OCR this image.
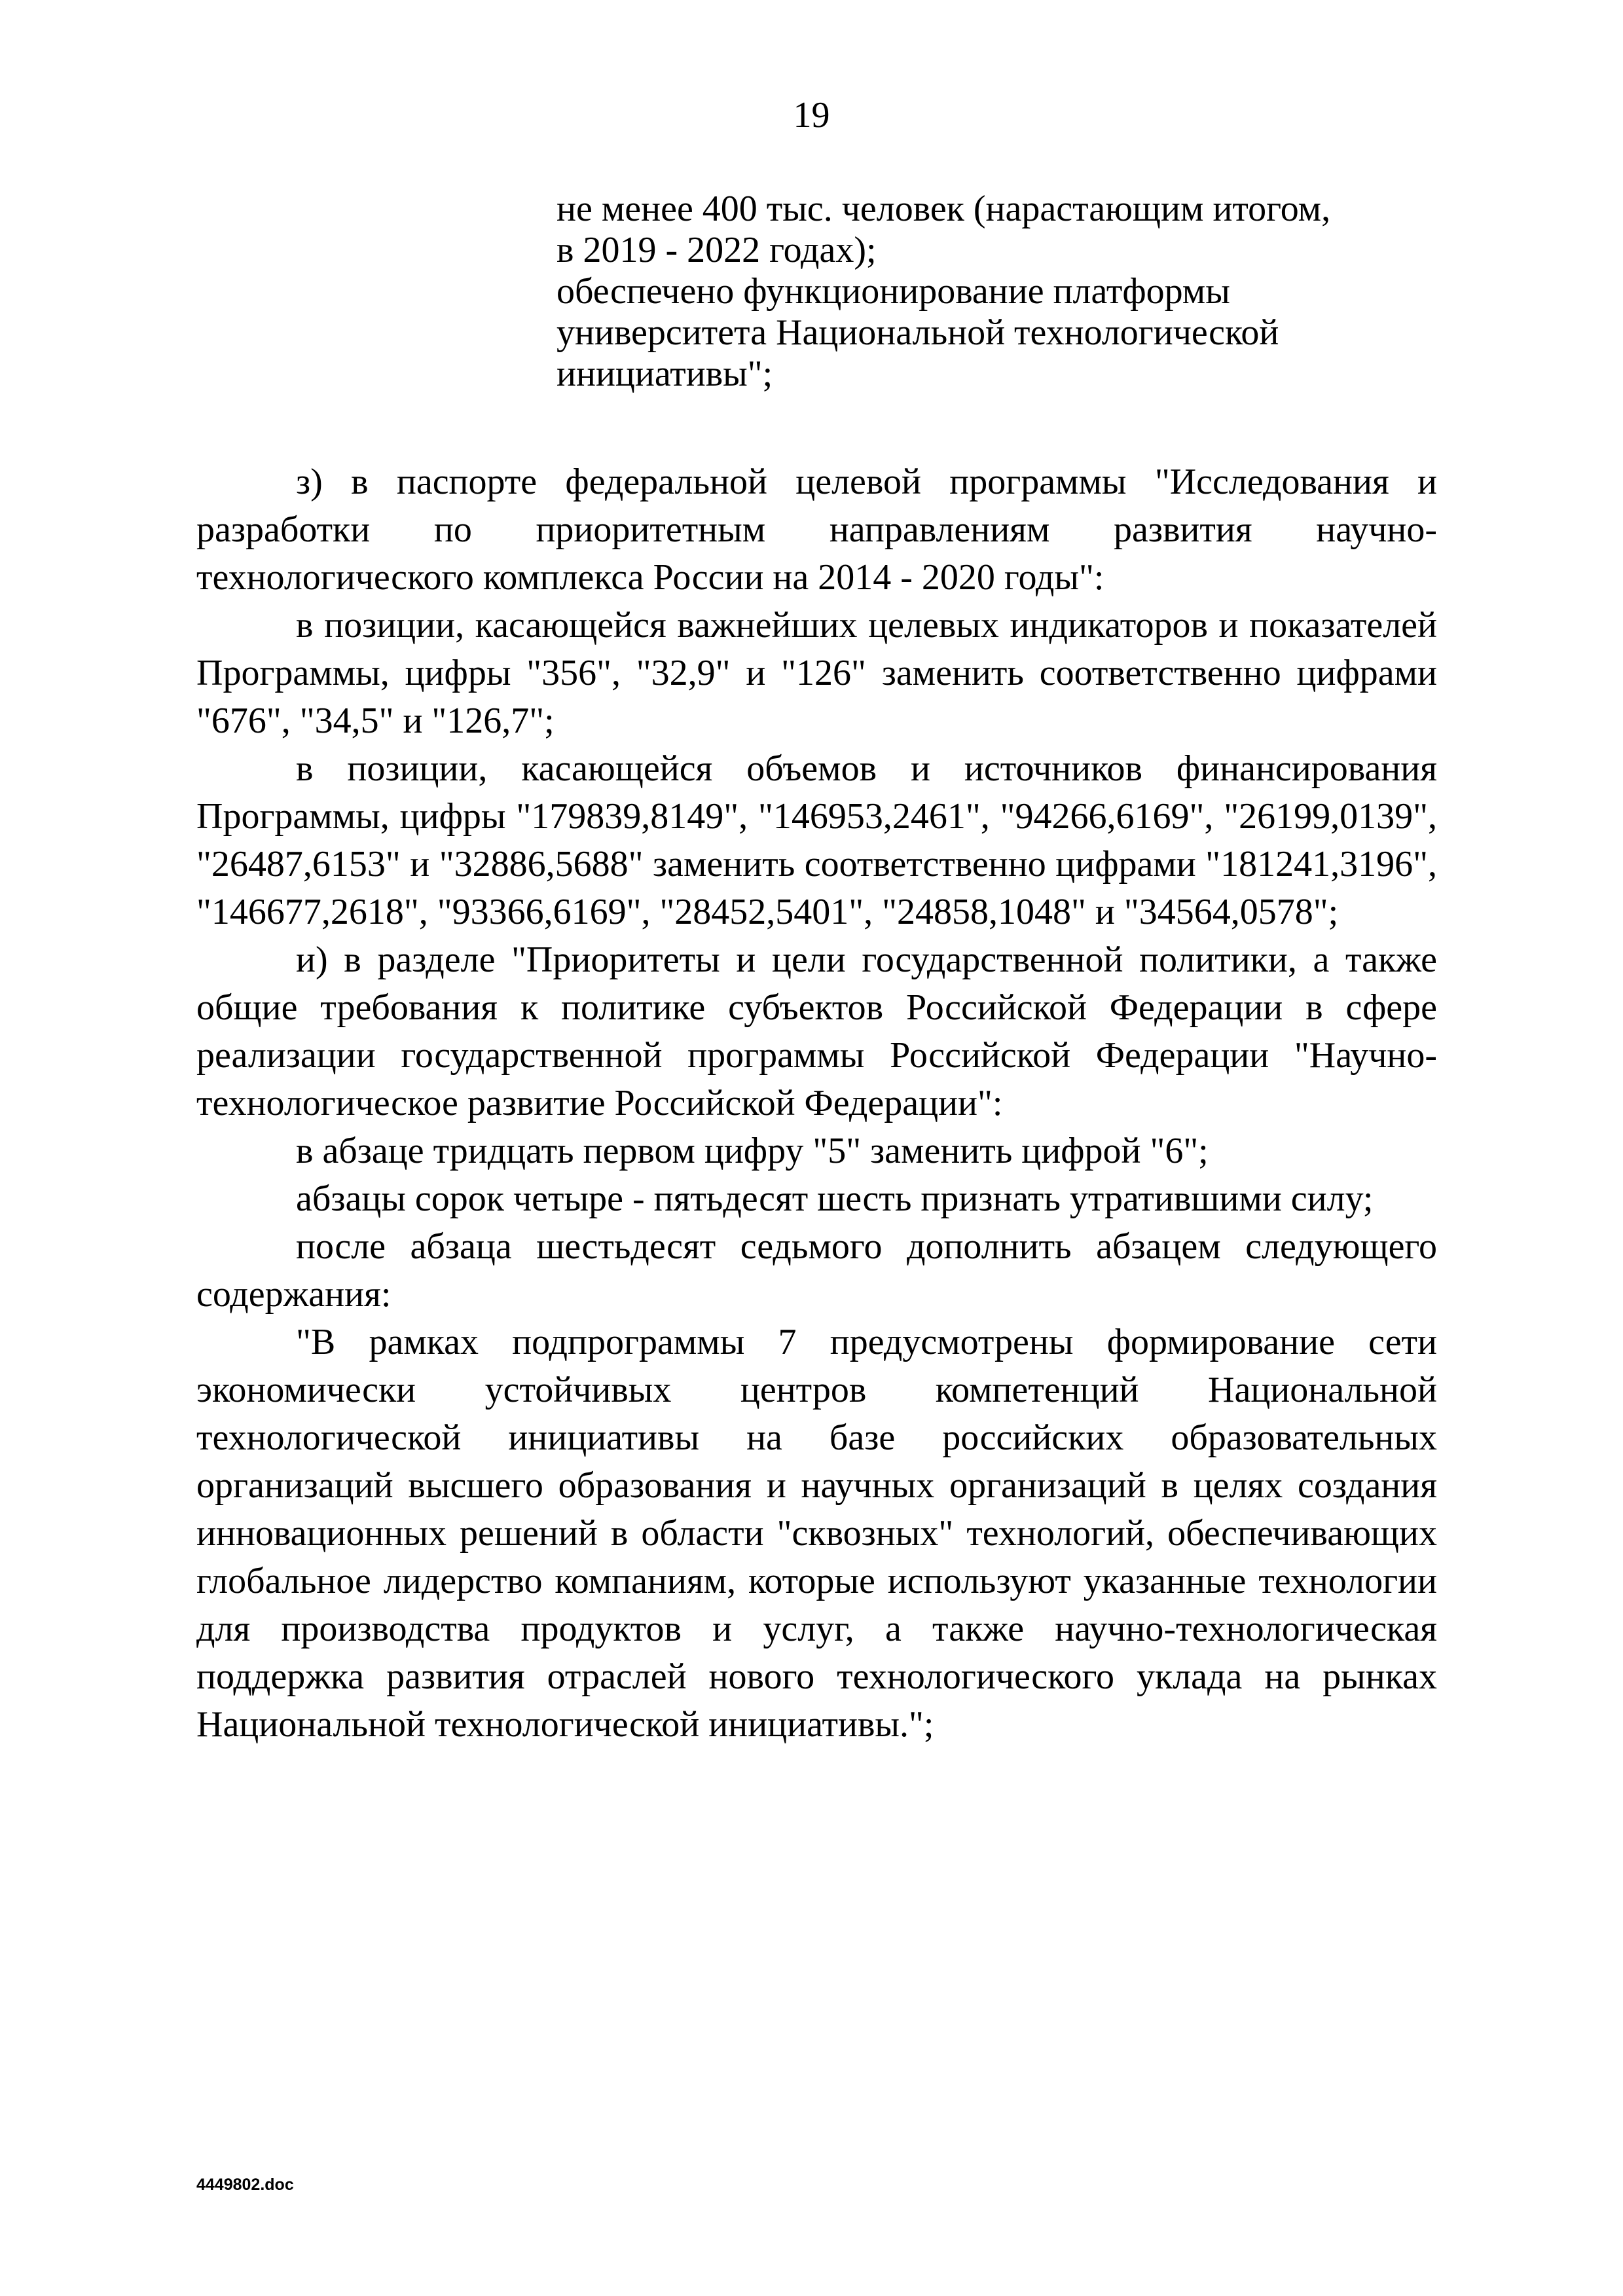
19
не менее 400 тыс. человек (нарастающим итогом,
в 2019 - 2022 годах);
обеспечено функционирование платформы
университета Национальной технологической
инициативы";

з) в паспорте федеральной целевой программы "Исследования и разработки по приоритетным направлениям развития научно-технологического комплекса России на 2014 - 2020 годы":

в позиции, касающейся важнейших целевых индикаторов и показателей Программы, цифры "356", "32,9" и "126" заменить соответственно цифрами "676", "34,5" и "126,7";

в позиции, касающейся объемов и источников финансирования Программы, цифры "179839,8149", "146953,2461", "94266,6169", "26199,0139", "26487,6153" и "32886,5688" заменить соответственно цифрами "181241,3196", "146677,2618", "93366,6169", "28452,5401", "24858,1048" и "34564,0578";

и) в разделе "Приоритеты и цели государственной политики, а также общие требования к политике субъектов Российской Федерации в сфере реализации государственной программы Российской Федерации "Научно-технологическое развитие Российской Федерации":

в абзаце тридцать первом цифру "5" заменить цифрой "6";

абзацы сорок четыре - пятьдесят шесть признать утратившими силу;

после абзаца шестьдесят седьмого дополнить абзацем следующего содержания:

"В рамках подпрограммы 7 предусмотрены формирование сети экономически устойчивых центров компетенций Национальной технологической инициативы на базе российских образовательных организаций высшего образования и научных организаций в целях создания инновационных решений в области "сквозных" технологий, обеспечивающих глобальное лидерство компаниям, которые используют указанные технологии для производства продуктов и услуг, а также научно-технологическая поддержка развития отраслей нового технологического уклада на рынках Национальной технологической инициативы.";

4449802.doc
